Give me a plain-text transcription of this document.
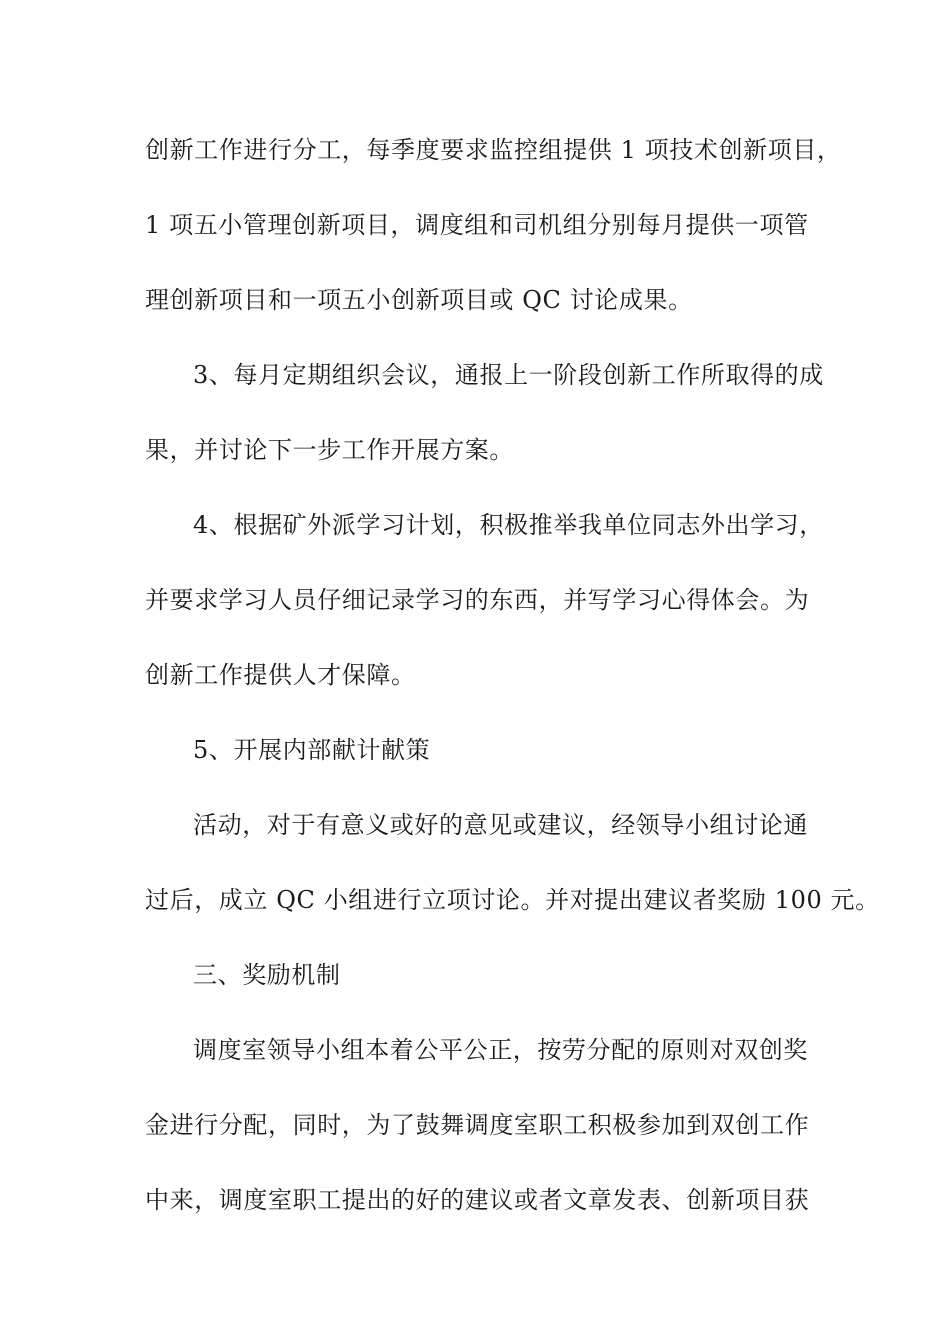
创新工作进行分工，每季度要求监控组提供 1 项技术创新项目，
1 项五小管理创新项目，调度组和司机组分别每月提供一项管
理创新项目和一项五小创新项目或 QC 讨论成果。
3、每月定期组织会议，通报上一阶段创新工作所取得的成
果，并讨论下一步工作开展方案。
4、根据矿外派学习计划，积极推举我单位同志外出学习，
并要求学习人员仔细记录学习的东西，并写学习心得体会。为
创新工作提供人才保障。
5、开展内部献计献策
活动，对于有意义或好的意见或建议，经领导小组讨论通
过后，成立 QC 小组进行立项讨论。并对提出建议者奖励 100 元。
三、奖励机制
调度室领导小组本着公平公正，按劳分配的原则对双创奖
金进行分配，同时，为了鼓舞调度室职工积极参加到双创工作
中来，调度室职工提出的好的建议或者文章发表、创新项目获
